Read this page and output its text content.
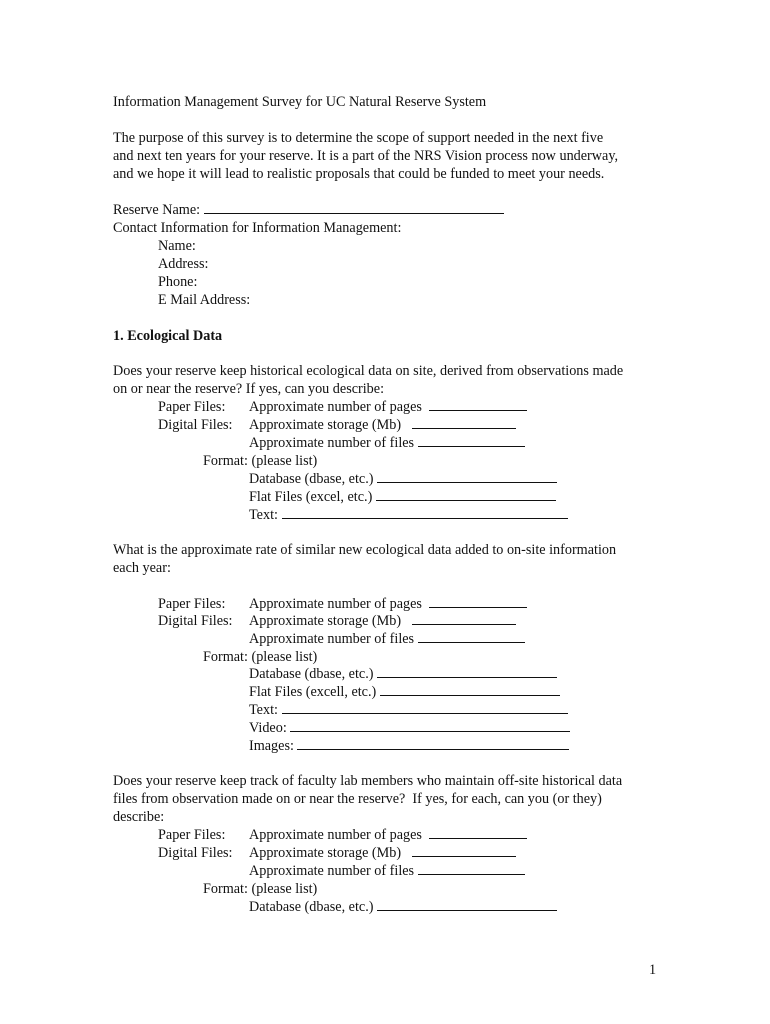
Information Management Survey for UC Natural Reserve System
The purpose of this survey is to determine the scope of support needed in the next five
and next ten years for your reserve. It is a part of the NRS Vision process now underway,
and we hope it will lead to realistic proposals that could be funded to meet your needs.
Reserve Name:
Contact Information for Information Management:
Name:
Address:
Phone:
E Mail Address:
1. Ecological Data
Does your reserve keep historical ecological data on site, derived from observations made
on or near the reserve? If yes, can you describe:
Paper Files: Approximate number of pages
Digital Files: Approximate storage (Mb)
Approximate number of files
Format: (please list)
Database (dbase, etc.)
Flat Files (excel, etc.)
Text:
What is the approximate rate of similar new ecological data added to on-site information
each year:
Paper Files: Approximate number of pages
Digital Files: Approximate storage (Mb)
Approximate number of files
Format: (please list)
Database (dbase, etc.)
Flat Files (excell, etc.)
Text:
Video:
Images:
Does your reserve keep track of faculty lab members who maintain off-site historical data
files from observation made on or near the reserve?  If yes, for each, can you (or they)
describe:
Paper Files: Approximate number of pages
Digital Files: Approximate storage (Mb)
Approximate number of files
Format: (please list)
Database (dbase, etc.)
1
